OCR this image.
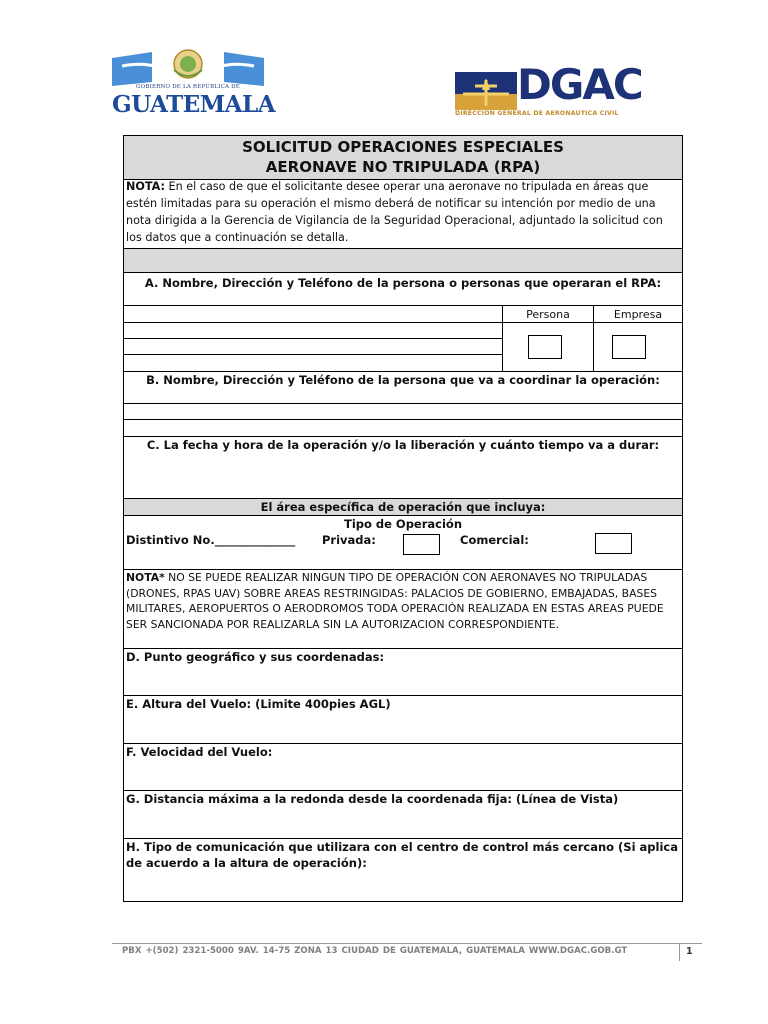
GOBIERNO DE LA REPÚBLICA DE
GUATEMALA	DGAC
DIRECCION GENERAL DE AERONAUTICA CIVIL
SOLICITUD OPERACIONES ESPECIALES
AERONAVE NO TRIPULADA (RPA)
NOTA: En el caso de que el solicitante desee operar una aeronave no tripulada en áreas que estén limitadas para su operación el mismo deberá de notificar su intención por medio de una nota dirigida a la Gerencia de Vigilancia de la Seguridad Operacional, adjuntado la solicitud con los datos que a continuación se detalla.
A. Nombre, Dirección y Teléfono de la persona o personas que operaran el RPA:
Persona	Empresa
B. Nombre, Dirección y Teléfono de la persona que va a coordinar la operación:
C. La fecha y hora de la operación y/o la liberación y cuánto tiempo va a durar:
El área específica de operación que incluya:
Tipo de Operación
Distintivo No.______________ Privada:	Comercial:
NOTA* NO SE PUEDE REALIZAR NINGUN TIPO DE OPERACIÓN CON AERONAVES NO TRIPULADAS (DRONES, RPAS UAV) SOBRE AREAS RESTRINGIDAS: PALACIOS DE GOBIERNO, EMBAJADAS, BASES MILITARES, AEROPUERTOS O AERODROMOS TODA OPERACIÓN REALIZADA EN ESTAS AREAS PUEDE SER SANCIONADA POR REALIZARLA SIN LA AUTORIZACION CORRESPONDIENTE.
D. Punto geográfico y sus coordenadas:
E. Altura del Vuelo: (Limite 400pies AGL)
F. Velocidad del Vuelo:
G. Distancia máxima a la redonda desde la coordenada fija: (Línea de Vista)
H. Tipo de comunicación que utilizara con el centro de control más cercano (Si aplica
de acuerdo a la altura de operación):
PBX +(502) 2321-5000 9AV. 14-75 ZONA 13 CIUDAD DE GUATEMALA, GUATEMALA WWW.DGAC.GOB.GT	1
